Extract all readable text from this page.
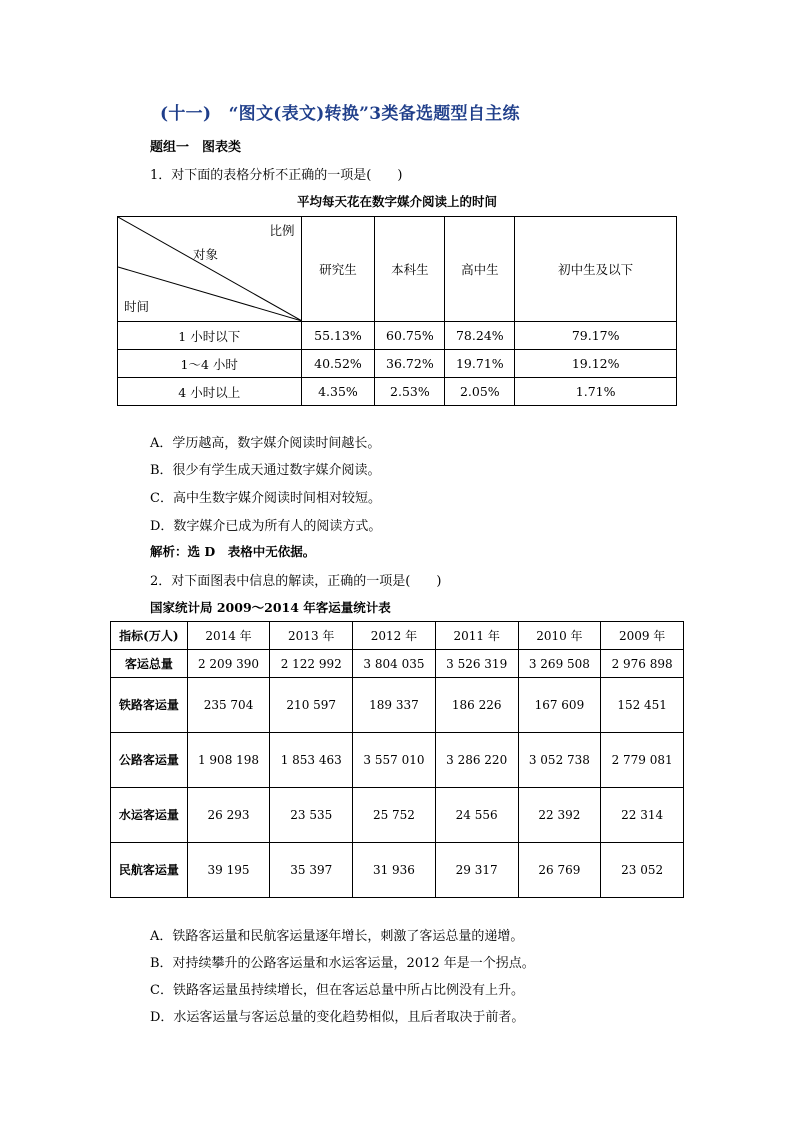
(十一)　“图文(表文)转换”3类备选题型自主练
题组一　图表类
1．对下面的表格分析不正确的一项是(　　)
平均每天花在数字媒介阅读上的时间
比例
对象
时间	研究生	本科生	高中生	初中生及以下
1 小时以下	55.13%	60.75%	78.24%	79.17%
1～4 小时	40.52%	36.72%	19.71%	19.12%
4 小时以上	4.35%	2.53%	2.05%	1.71%
A．学历越高，数字媒介阅读时间越长。
B．很少有学生成天通过数字媒介阅读。
C．高中生数字媒介阅读时间相对较短。
D．数字媒介已成为所有人的阅读方式。
解析：选 D　表格中无依据。
2．对下面图表中信息的解读，正确的一项是(　　)
国家统计局 2009～2014 年客运量统计表
指标(万人)	2014 年	2013 年	2012 年	2011 年	2010 年	2009 年
客运总量	2 209 390	2 122 992	3 804 035	3 526 319	3 269 508	2 976 898
铁路客运量	235 704	210 597	189 337	186 226	167 609	152 451
公路客运量	1 908 198	1 853 463	3 557 010	3 286 220	3 052 738	2 779 081
水运客运量	26 293	23 535	25 752	24 556	22 392	22 314
民航客运量	39 195	35 397	31 936	29 317	26 769	23 052
A．铁路客运量和民航客运量逐年增长，刺激了客运总量的递增。
B．对持续攀升的公路客运量和水运客运量，2012 年是一个拐点。
C．铁路客运量虽持续增长，但在客运总量中所占比例没有上升。
D．水运客运量与客运总量的变化趋势相似，且后者取决于前者。
